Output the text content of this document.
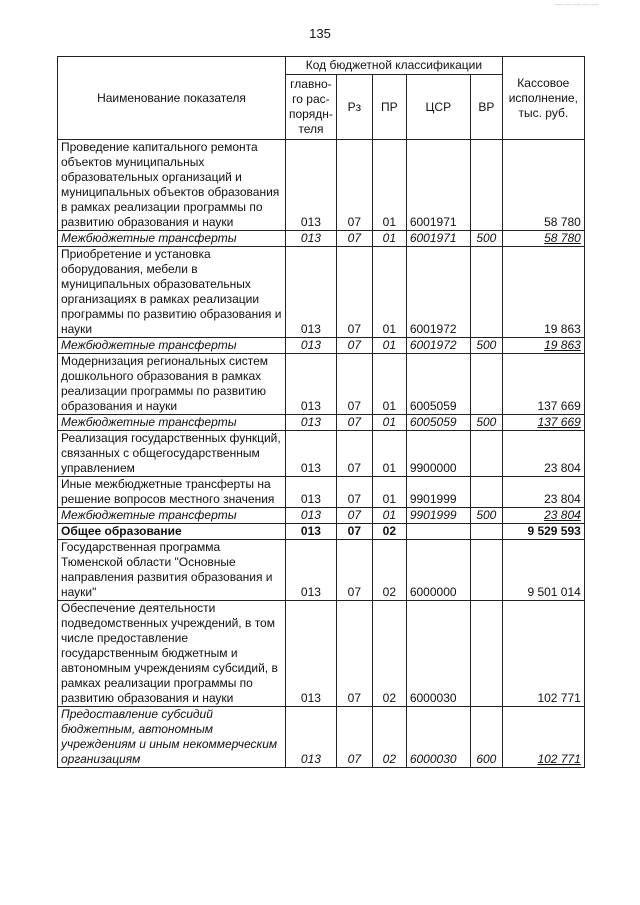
135
—————
Наименование показателя	Код бюджетной классификации					Кассовое исполнение, тыс. руб.
	главно-го рас-порядн-теля	Рз	ПР	ЦСР	ВР	
Проведение капитального ремонта объектов муниципальных образовательных организаций и муниципальных объектов образования в рамках реализации программы по развитию образования и науки	013	07	01	6001971		58 780
Межбюджетные трансферты	013	07	01	6001971	500	58 780
Приобретение и установка оборудования, мебели в муниципальных образовательных организациях в рамках реализации программы по развитию образования и науки	013	07	01	6001972		19 863
Межбюджетные трансферты	013	07	01	6001972	500	19 863
Модернизация региональных систем дошкольного образования в рамках реализации программы по развитию образования и науки	013	07	01	6005059		137 669
Межбюджетные трансферты	013	07	01	6005059	500	137 669
Реализация государственных функций, связанных с общегосударственным управлением	013	07	01	9900000		23 804
Иные межбюджетные трансферты на решение вопросов местного значения	013	07	01	9901999		23 804
Межбюджетные трансферты	013	07	01	9901999	500	23 804
Общее образование	013	07	02			9 529 593
Государственная программа Тюменской области "Основные направления развития образования и науки"	013	07	02	6000000		9 501 014
Обеспечение деятельности подведомственных учреждений, в том числе предоставление государственным бюджетным и автономным учреждениям субсидий, в рамках реализации программы по развитию образования и науки	013	07	02	6000030		102 771
Предоставление субсидий бюджетным, автономным учреждениям и иным некоммерческим организациям	013	07	02	6000030	600	102 771
